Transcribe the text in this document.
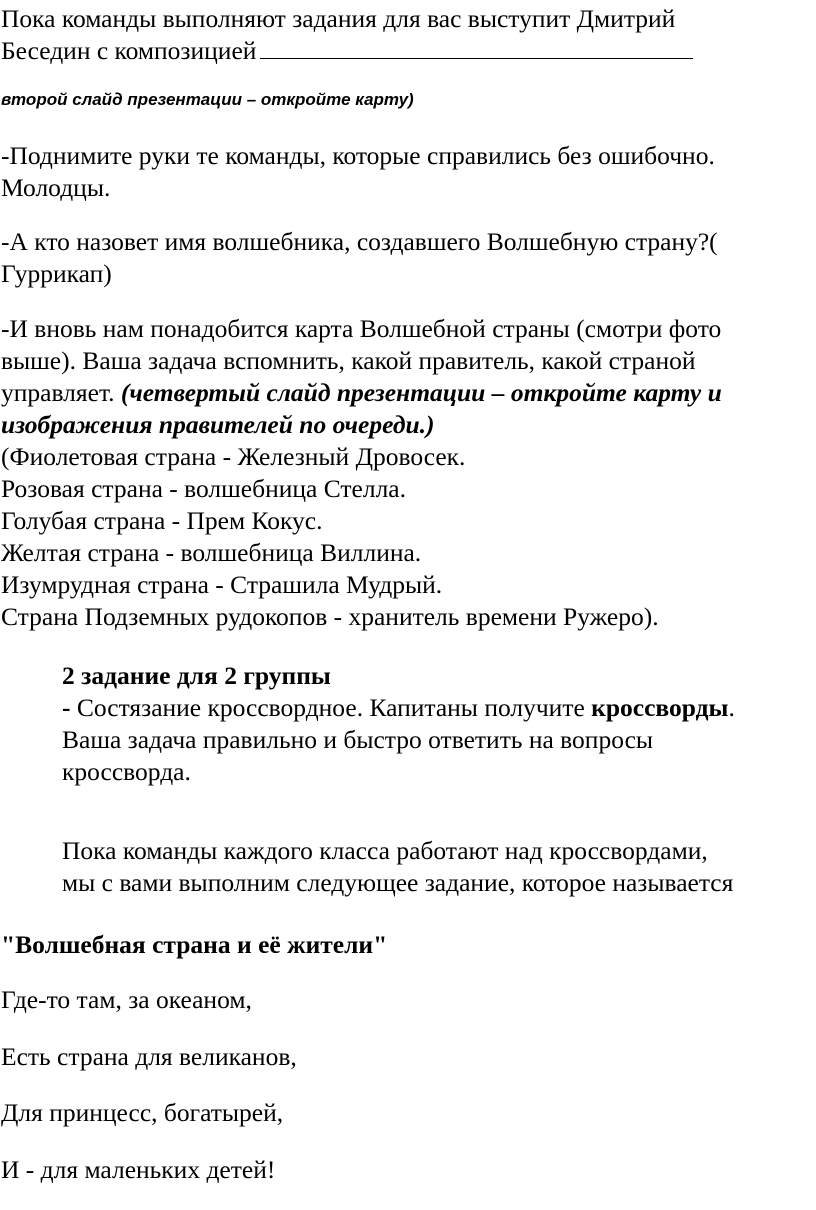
Пока команды выполняют задания для вас выступит Дмитрий
Беседин с композицией

второй слайд презентации – откройте карту)

-Поднимите руки те команды, которые справились без ошибочно.
Молодцы.

-А кто назовет имя волшебника, создавшего Волшебную страну?(
Гуррикап)

-И вновь нам понадобится карта Волшебной страны (смотри фото
выше). Ваша задача вспомнить, какой правитель, какой страной
управляет. (четвертый слайд презентации – откройте карту и
изображения правителей по очереди.)

(Фиолетовая страна - Железный Дровосек.
Розовая страна - волшебница Стелла.
Голубая страна - Прем Кокус.
Желтая страна - волшебница Виллина.
Изумрудная страна - Страшила Мудрый.
Страна Подземных рудокопов - хранитель времени Ружеро).

2 задание для 2 группы
- Состязание кроссвордное. Капитаны получите кроссворды.
Ваша задача правильно и быстро ответить на вопросы
кроссворда.

Пока команды каждого класса работают над кроссвордами,
мы с вами выполним следующее задание, которое называется

"Волшебная страна и её жители"

Где-то там, за океаном,

Есть страна для великанов,

Для принцесс, богатырей,

И - для маленьких детей!
